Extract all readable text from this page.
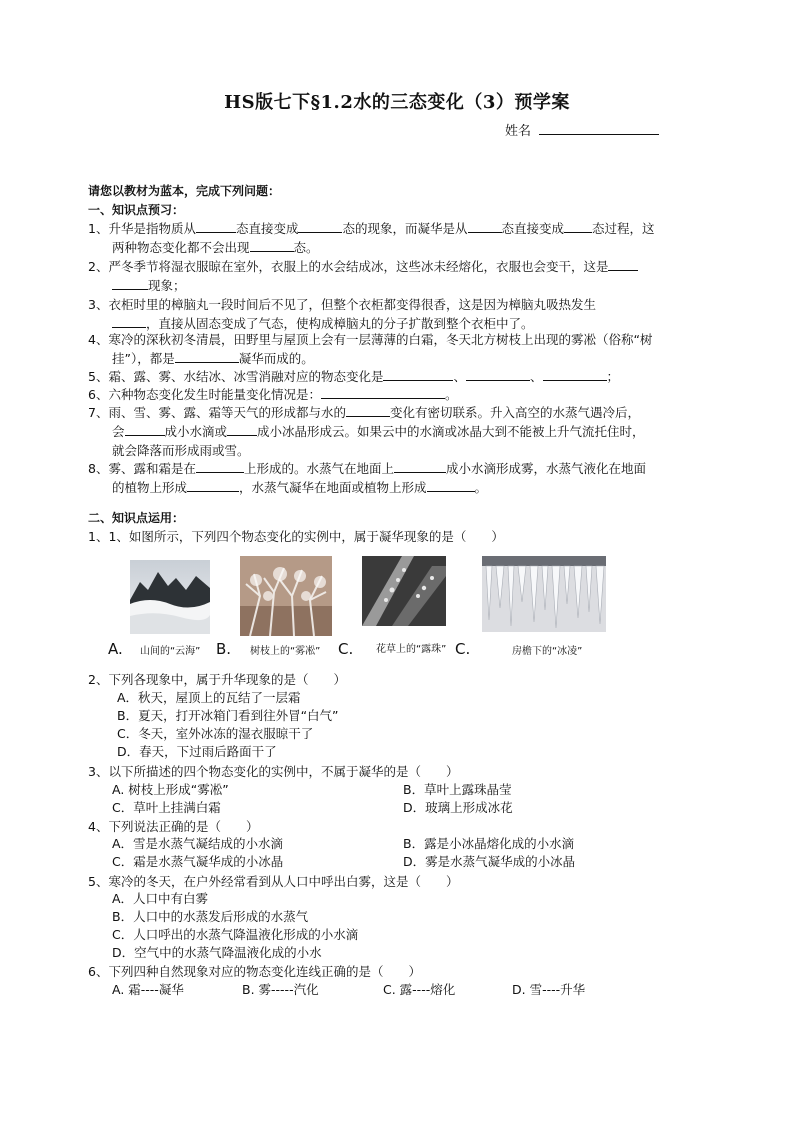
HS版七下§1.2水的三态变化（3）预学案
姓名
请您以教材为蓝本，完成下列问题：
一、知识点预习：
1、升华是指物质从	态直接变成	态的现象，而凝华是从	态直接变成 态过程，这
两种物态变化都不会出现	态。
2、严冬季节将湿衣服晾在室外，衣服上的水会结成冰，这些冰未经熔化，衣服也会变干，这是
现象；
3、衣柜时里的樟脑丸一段时间后不见了，但整个衣柜都变得很香，这是因为樟脑丸吸热发生
，直接从固态变成了气态，使构成樟脑丸的分子扩散到整个衣柜中了。
4、寒冷的深秋初冬清晨，田野里与屋顶上会有一层薄薄的白霜，冬天北方树枝上出现的雾凇（俗称“树
挂”），都是	凝华而成的。
5、霜、露、雾、水结冰、冰雪消融对应的物态变化是	、	、	；
6、六种物态变化发生时能量变化情况是：	。
7、雨、雪、雾、露、霜等天气的形成都与水的	变化有密切联系。升入高空的水蒸气遇冷后，
会	成小水滴或 成小冰晶形成云。如果云中的水滴或冰晶大到不能被上升气流托住时，
就会降落而形成雨或雪。
8、雾、露和霜是在	上形成的。水蒸气在地面上	成小水滴形成雾，水蒸气液化在地面
的植物上形成	，水蒸气凝华在地面或植物上形成	。
二、知识点运用：
1、1、如图所示，下列四个物态变化的实例中，属于凝华现象的是（　　）
A. 山间的“云海” B. 树枝上的“雾凇”	C.
花草上的“露珠”
C.	房檐下的“冰凌”
2、下列各现象中，属于升华现象的是（　　）
A．秋天，屋顶上的瓦结了一层霜
B．夏天，打开冰箱门看到往外冒“白气”
C．冬天，室外冰冻的湿衣服晾干了
D．春天，下过雨后路面干了
3、以下所描述的四个物态变化的实例中，不属于凝华的是（　　）
A. 树枝上形成“雾凇”	B．草叶上露珠晶莹
C．草叶上挂满白霜	D．玻璃上形成冰花
4、下列说法正确的是（　　）
A．雪是水蒸气凝结成的小水滴	B．露是小冰晶熔化成的小水滴
C．霜是水蒸气凝华成的小冰晶	D．雾是水蒸气凝华成的小冰晶
5、寒冷的冬天，在户外经常看到从人口中呼出白雾，这是（　　）
A．人口中有白雾
B．人口中的水蒸发后形成的水蒸气
C．人口呼出的水蒸气降温液化形成的小水滴
D．空气中的水蒸气降温液化成的小水
6、下列四种自然现象对应的物态变化连线正确的是（　　）
A. 霜----凝华	B. 雾-----汽化	C. 露----熔化	D. 雪----升华
